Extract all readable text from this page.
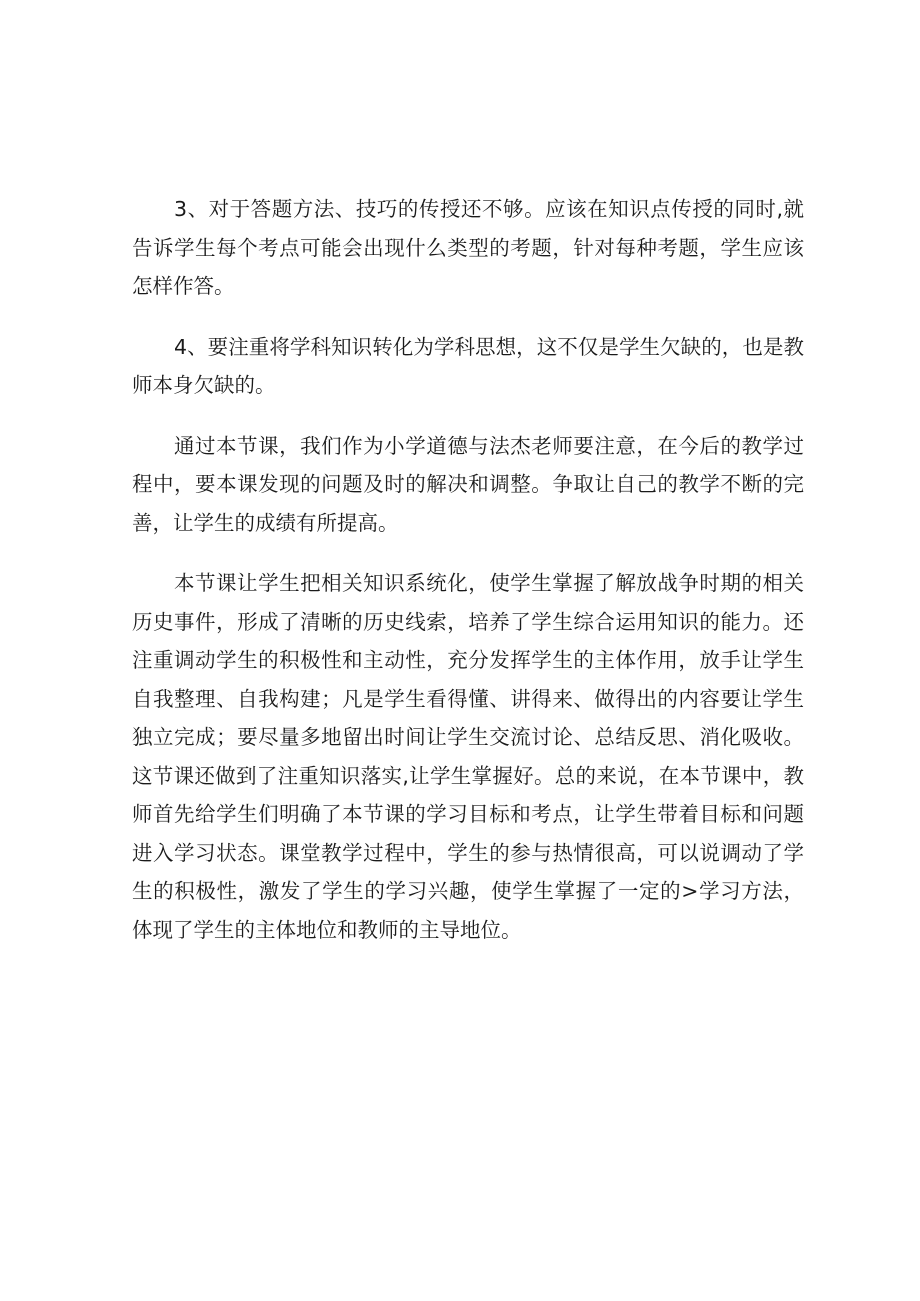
3、对于答题方法、技巧的传授还不够。应该在知识点传授的同时,就告诉学生每个考点可能会出现什么类型的考题，针对每种考题，学生应该怎样作答。

4、要注重将学科知识转化为学科思想，这不仅是学生欠缺的，也是教师本身欠缺的。

通过本节课，我们作为小学道德与法杰老师要注意，在今后的教学过程中，要本课发现的问题及时的解决和调整。争取让自己的教学不断的完善，让学生的成绩有所提高。

本节课让学生把相关知识系统化，使学生掌握了解放战争时期的相关历史事件，形成了清晰的历史线索，培养了学生综合运用知识的能力。还注重调动学生的积极性和主动性，充分发挥学生的主体作用，放手让学生自我整理、自我构建；凡是学生看得懂、讲得来、做得出的内容要让学生独立完成；要尽量多地留出时间让学生交流讨论、总结反思、消化吸收。这节课还做到了注重知识落实,让学生掌握好。总的来说，在本节课中，教师首先给学生们明确了本节课的学习目标和考点，让学生带着目标和问题进入学习状态。课堂教学过程中，学生的参与热情很高，可以说调动了学生的积极性，激发了学生的学习兴趣，使学生掌握了一定的>学习方法，体现了学生的主体地位和教师的主导地位。
